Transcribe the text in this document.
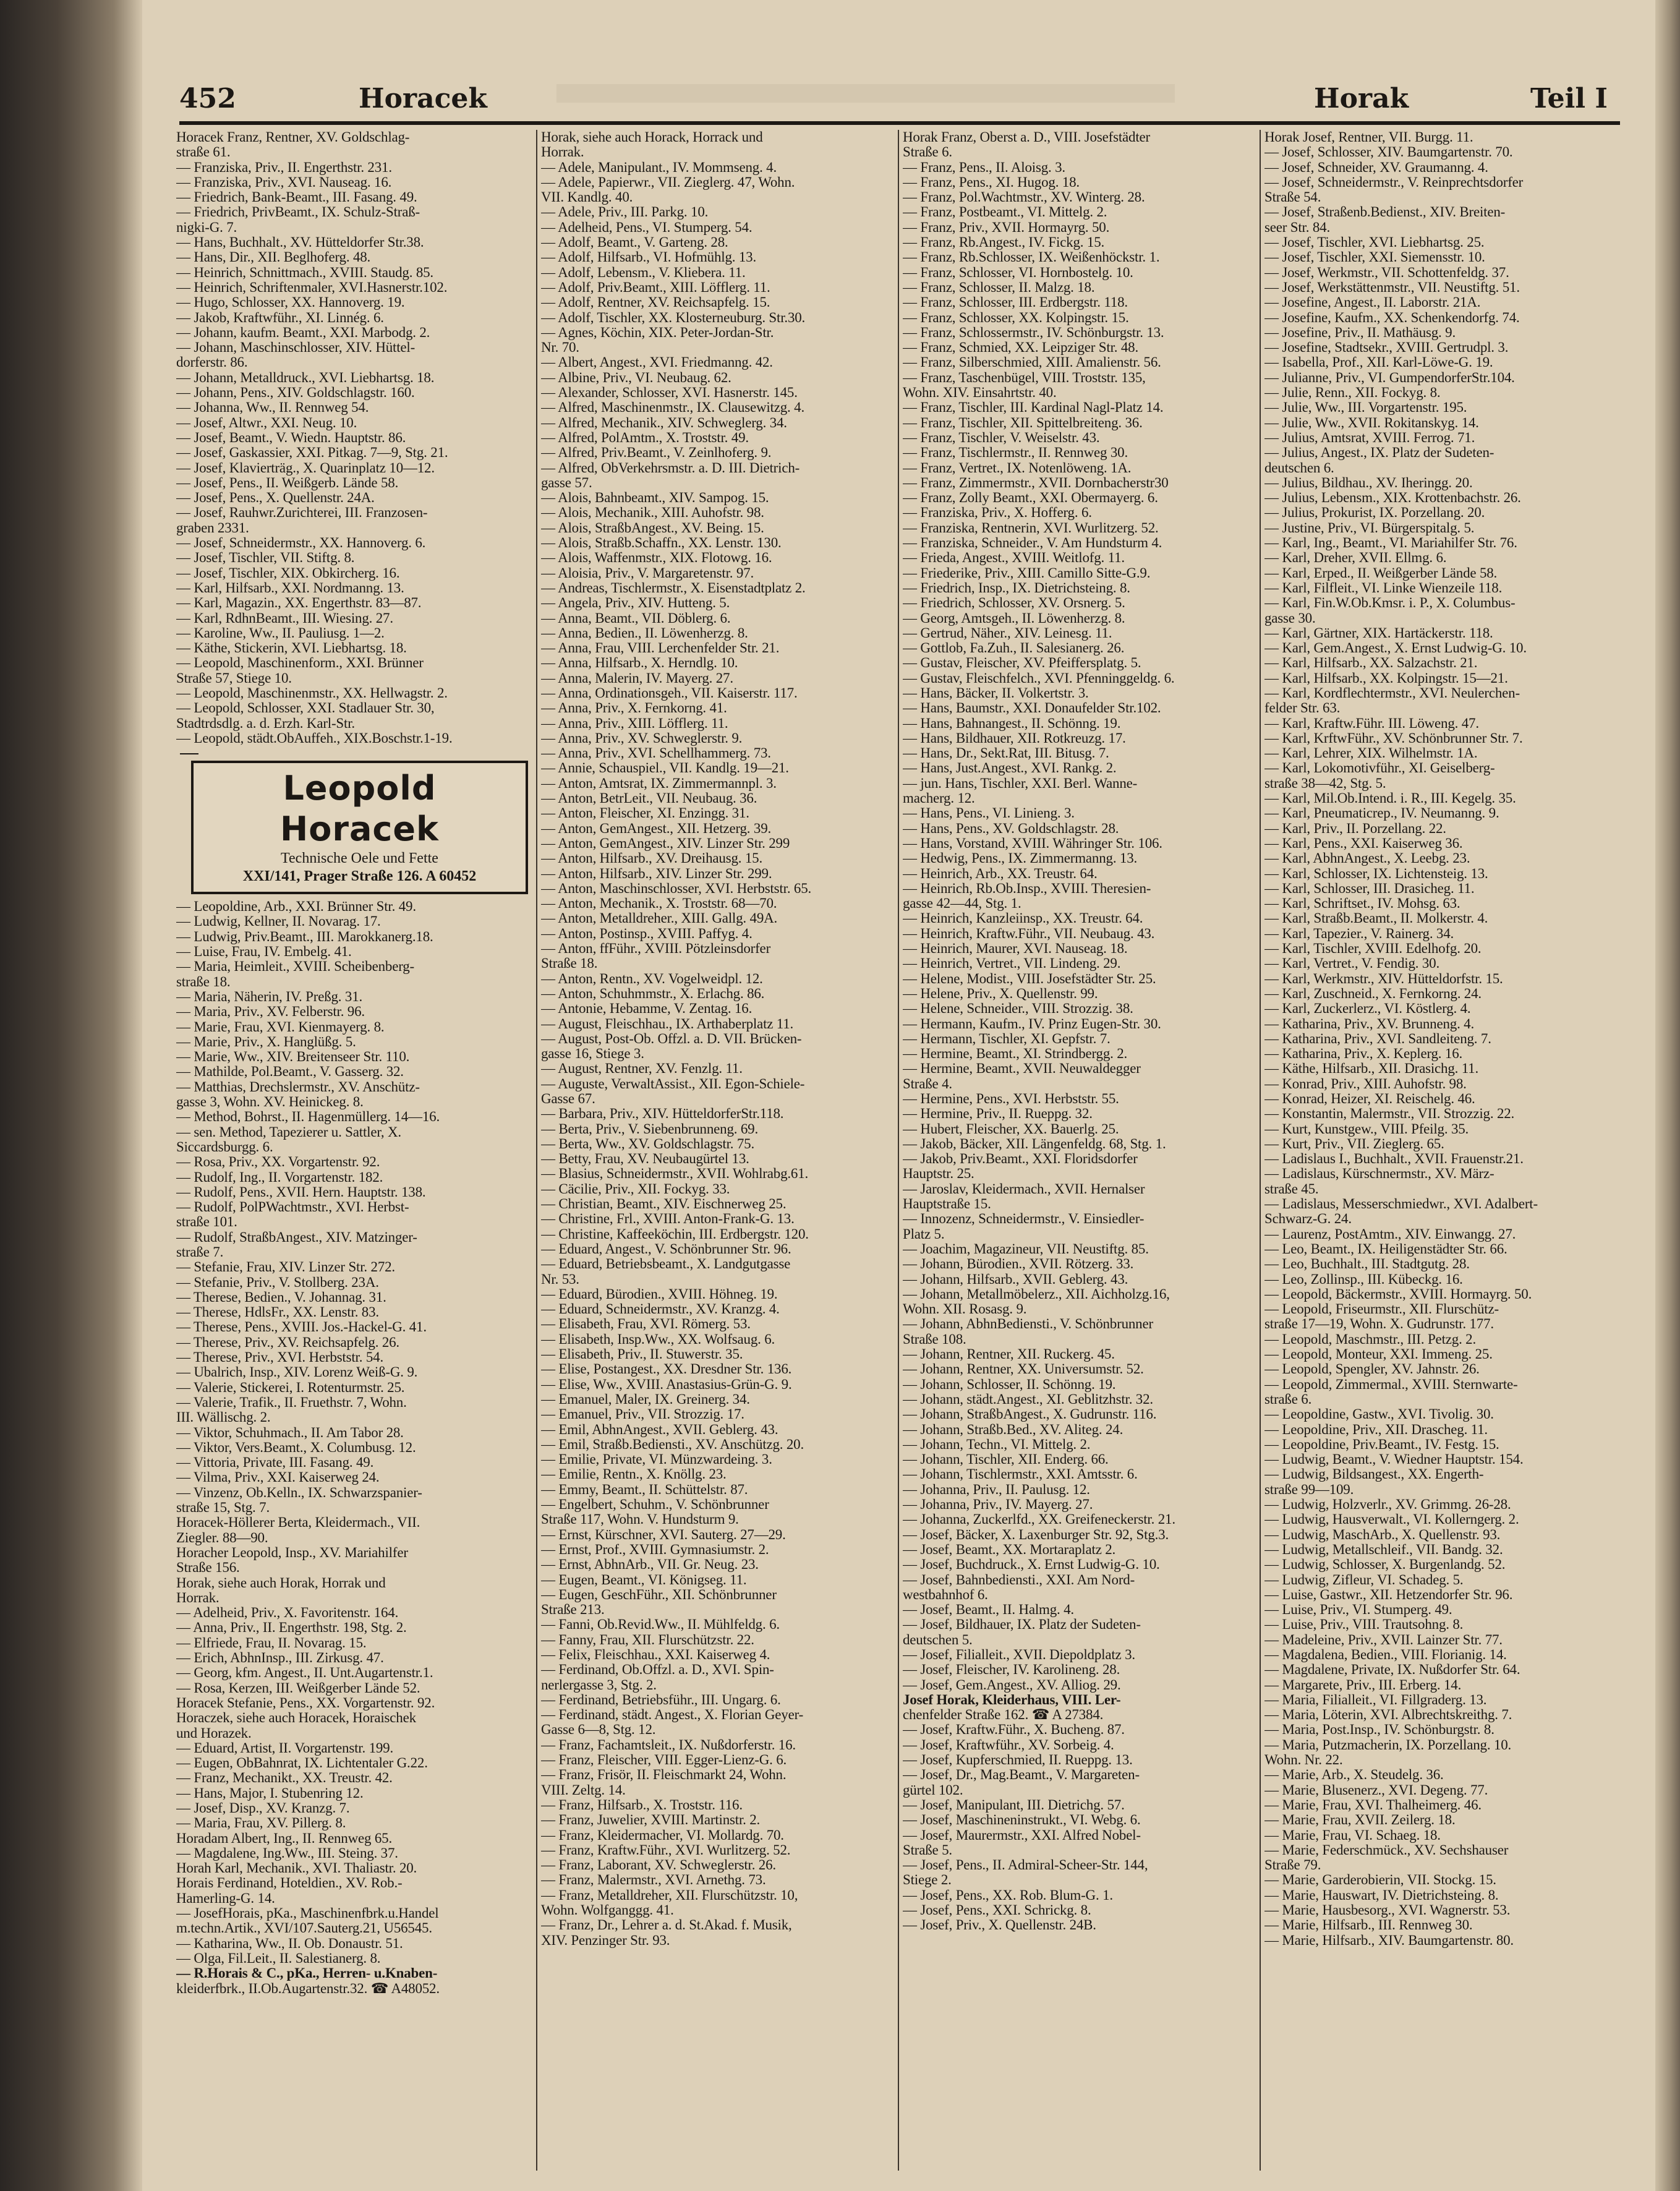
452	Horacek	Horak	Teil I
Horacek Franz, Rentner, XV. Goldschlag-
straße 61.
— Franziska, Priv., II. Engerthstr. 231.
— Franziska, Priv., XVI. Nauseag. 16.
— Friedrich, Bank-Beamt., III. Fasang. 49.
— Friedrich, PrivBeamt., IX. Schulz-Straß-
nigki-G. 7.
— Hans, Buchhalt., XV. Hütteldorfer Str.38.
— Hans, Dir., XII. Beglhoferg. 48.
— Heinrich, Schnittmach., XVIII. Staudg. 85.
— Heinrich, Schriftenmaler, XVI.Hasnerstr.102.
— Hugo, Schlosser, XX. Hannoverg. 19.
— Jakob, Kraftwführ., XI. Linnég. 6.
— Johann, kaufm. Beamt., XXI. Marbodg. 2.
— Johann, Maschinschlosser, XIV. Hüttel-
dorferstr. 86.
— Johann, Metalldruck., XVI. Liebhartsg. 18.
— Johann, Pens., XIV. Goldschlagstr. 160.
— Johanna, Ww., II. Rennweg 54.
— Josef, Altwr., XXI. Neug. 10.
— Josef, Beamt., V. Wiedn. Hauptstr. 86.
— Josef, Gaskassier, XXI. Pitkag. 7—9, Stg. 21.
— Josef, Klavierträg., X. Quarinplatz 10—12.
— Josef, Pens., II. Weißgerb. Lände 58.
— Josef, Pens., X. Quellenstr. 24A.
— Josef, Rauhwr.Zurichterei, III. Franzosen-
graben 2331.
— Josef, Schneidermstr., XX. Hannoverg. 6.
— Josef, Tischler, VII. Stiftg. 8.
— Josef, Tischler, XIX. Obkircherg. 16.
— Karl, Hilfsarb., XXI. Nordmanng. 13.
— Karl, Magazin., XX. Engerthstr. 83—87.
— Karl, RdhnBeamt., III. Wiesing. 27.
— Karoline, Ww., II. Pauliusg. 1—2.
— Käthe, Stickerin, XVI. Liebhartsg. 18.
— Leopold, Maschinenform., XXI. Brünner
Straße 57, Stiege 10.
— Leopold, Maschinenmstr., XX. Hellwagstr. 2.
— Leopold, Schlosser, XXI. Stadlauer Str. 30,
Stadtrdsdlg. a. d. Erzh. Karl-Str.
— Leopold, städt.ObAuffeh., XIX.Boschstr.1-19.
Leopold Horacek
Technische Oele und Fette
XXI/141, Prager Straße 126. A 60452
— Leopoldine, Arb., XXI. Brünner Str. 49.
— Ludwig, Kellner, II. Novarag. 17.
— Ludwig, Priv.Beamt., III. Marokkanerg.18.
— Luise, Frau, IV. Embelg. 41.
— Maria, Heimleit., XVIII. Scheibenberg-
straße 18.
— Maria, Näherin, IV. Preßg. 31.
— Maria, Priv., XV. Felberstr. 96.
— Marie, Frau, XVI. Kienmayerg. 8.
— Marie, Priv., X. Hanglüßg. 5.
— Marie, Ww., XIV. Breitenseer Str. 110.
— Mathilde, Pol.Beamt., V. Gasserg. 32.
— Matthias, Drechslermstr., XV. Anschütz-
gasse 3, Wohn. XV. Heinickeg. 8.
— Method, Bohrst., II. Hagenmüllerg. 14—16.
— sen. Method, Tapezierer u. Sattler, X.
Siccardsburgg. 6.
— Rosa, Priv., XX. Vorgartenstr. 92.
— Rudolf, Ing., II. Vorgartenstr. 182.
— Rudolf, Pens., XVII. Hern. Hauptstr. 138.
— Rudolf, PolPWachtmstr., XVI. Herbst-
straße 101.
— Rudolf, StraßbAngest., XIV. Matzinger-
straße 7.
— Stefanie, Frau, XIV. Linzer Str. 272.
— Stefanie, Priv., V. Stollberg. 23A.
— Therese, Bedien., V. Johannag. 31.
— Therese, HdlsFr., XX. Lenstr. 83.
— Therese, Pens., XVIII. Jos.-Hackel-G. 41.
— Therese, Priv., XV. Reichsapfelg. 26.
— Therese, Priv., XVI. Herbststr. 54.
— Ubalrich, Insp., XIV. Lorenz Weiß-G. 9.
— Valerie, Stickerei, I. Rotenturmstr. 25.
— Valerie, Trafik., II. Fruethstr. 7, Wohn.
III. Wällischg. 2.
— Viktor, Schuhmach., II. Am Tabor 28.
— Viktor, Vers.Beamt., X. Columbusg. 12.
— Vittoria, Private, III. Fasang. 49.
— Vilma, Priv., XXI. Kaiserweg 24.
— Vinzenz, Ob.Kelln., IX. Schwarzspanier-
straße 15, Stg. 7.
Horacek-Höllerer Berta, Kleidermach., VII.
Ziegler. 88—90.
Horacher Leopold, Insp., XV. Mariahilfer
Straße 156.
Horak, siehe auch Horak, Horrak und
Horrak.
— Adelheid, Priv., X. Favoritenstr. 164.
— Anna, Priv., II. Engerthstr. 198, Stg. 2.
— Elfriede, Frau, II. Novarag. 15.
— Erich, AbhnInsp., III. Zirkusg. 47.
— Georg, kfm. Angest., II. Unt.Augartenstr.1.
— Rosa, Kerzen, III. Weißgerber Lände 52.
Horacek Stefanie, Pens., XX. Vorgartenstr. 92.
Horaczek, siehe auch Horacek, Horaischek
und Horazek.
— Eduard, Artist, II. Vorgartenstr. 199.
— Eugen, ObBahnrat, IX. Lichtentaler G.22.
— Franz, Mechanikt., XX. Treustr. 42.
— Hans, Major, I. Stubenring 12.
— Josef, Disp., XV. Kranzg. 7.
— Maria, Frau, XV. Pillerg. 8.
Horadam Albert, Ing., II. Rennweg 65.
— Magdalene, Ing.Ww., III. Steing. 37.
Horah Karl, Mechanik., XVI. Thaliastr. 20.
Horais Ferdinand, Hoteldien., XV. Rob.-
Hamerling-G. 14.
— JosefHorais, pKa., Maschinenfbrk.u.Handel
m.techn.Artik., XVI/107.Sauterg.21, U56545.
— Katharina, Ww., II. Ob. Donaustr. 51.
— Olga, Fil.Leit., II. Salestianerg. 8.
— R.Horais & C., pKa., Herren- u.Knaben-
kleiderfbrk., II.Ob.Augartenstr.32. ☎ A48052.
Horak, siehe auch Horack, Horrack und
Horrak.
— Adele, Manipulant., IV. Mommseng. 4.
— Adele, Papierwr., VII. Zieglerg. 47, Wohn.
VII. Kandlg. 40.
— Adele, Priv., III. Parkg. 10.
— Adelheid, Pens., VI. Stumperg. 54.
— Adolf, Beamt., V. Garteng. 28.
— Adolf, Hilfsarb., VI. Hofmühlg. 13.
— Adolf, Lebensm., V. Kliebera. 11.
— Adolf, Priv.Beamt., XIII. Löfflerg. 11.
— Adolf, Rentner, XV. Reichsapfelg. 15.
— Adolf, Tischler, XX. Klosterneuburg. Str.30.
— Agnes, Köchin, XIX. Peter-Jordan-Str.
Nr. 70.
— Albert, Angest., XVI. Friedmanng. 42.
— Albine, Priv., VI. Neubaug. 62.
— Alexander, Schlosser, XVI. Hasnerstr. 145.
— Alfred, Maschinenmstr., IX. Clausewitzg. 4.
— Alfred, Mechanik., XIV. Schweglerg. 34.
— Alfred, PolAmtm., X. Troststr. 49.
— Alfred, Priv.Beamt., V. Zeinlhoferg. 9.
— Alfred, ObVerkehrsmstr. a. D. III. Dietrich-
gasse 57.
— Alois, Bahnbeamt., XIV. Sampog. 15.
— Alois, Mechanik., XIII. Auhofstr. 98.
— Alois, StraßbAngest., XV. Being. 15.
— Alois, Straßb.Schaffn., XX. Lenstr. 130.
— Alois, Waffenmstr., XIX. Flotowg. 16.
— Aloisia, Priv., V. Margaretenstr. 97.
— Andreas, Tischlermstr., X. Eisenstadtplatz 2.
— Angela, Priv., XIV. Hutteng. 5.
— Anna, Beamt., VII. Döblerg. 6.
— Anna, Bedien., II. Löwenherzg. 8.
— Anna, Frau, VIII. Lerchenfelder Str. 21.
— Anna, Hilfsarb., X. Herndlg. 10.
— Anna, Malerin, IV. Mayerg. 27.
— Anna, Ordinationsgeh., VII. Kaiserstr. 117.
— Anna, Priv., X. Fernkorng. 41.
— Anna, Priv., XIII. Löfflerg. 11.
— Anna, Priv., XV. Schweglerstr. 9.
— Anna, Priv., XVI. Schellhammerg. 73.
— Annie, Schauspiel., VII. Kandlg. 19—21.
— Anton, Amtsrat, IX. Zimmermannpl. 3.
— Anton, BetrLeit., VII. Neubaug. 36.
— Anton, Fleischer, XI. Enzingg. 31.
— Anton, GemAngest., XII. Hetzerg. 39.
— Anton, GemAngest., XIV. Linzer Str. 299
— Anton, Hilfsarb., XV. Dreihausg. 15.
— Anton, Hilfsarb., XIV. Linzer Str. 299.
— Anton, Maschinschlosser, XVI. Herbststr. 65.
— Anton, Mechanik., X. Troststr. 68—70.
— Anton, Metalldreher., XIII. Gallg. 49A.
— Anton, Postinsp., XVIII. Paffyg. 4.
— Anton, ffFühr., XVIII. Pötzleinsdorfer
Straße 18.
— Anton, Rentn., XV. Vogelweidpl. 12.
— Anton, Schuhmmstr., X. Erlachg. 86.
— Antonie, Hebamme, V. Zentag. 16.
— August, Fleischhau., IX. Arthaberplatz 11.
— August, Post-Ob. Offzl. a. D. VII. Brücken-
gasse 16, Stiege 3.
— August, Rentner, XV. Fenzlg. 11.
— Auguste, VerwaltAssist., XII. Egon-Schiele-
Gasse 67.
— Barbara, Priv., XIV. HütteldorferStr.118.
— Berta, Priv., V. Siebenbrunneng. 69.
— Berta, Ww., XV. Goldschlagstr. 75.
— Betty, Frau, XV. Neubaugürtel 13.
— Blasius, Schneidermstr., XVII. Wohlrabg.61.
— Cäcilie, Priv., XII. Fockyg. 33.
— Christian, Beamt., XIV. Eischnerweg 25.
— Christine, Frl., XVIII. Anton-Frank-G. 13.
— Christine, Kaffeeköchin, III. Erdbergstr. 120.
— Eduard, Angest., V. Schönbrunner Str. 96.
— Eduard, Betriebsbeamt., X. Landgutgasse
Nr. 53.
— Eduard, Bürodien., XVIII. Höhneg. 19.
— Eduard, Schneidermstr., XV. Kranzg. 4.
— Elisabeth, Frau, XVI. Römerg. 53.
— Elisabeth, Insp.Ww., XX. Wolfsaug. 6.
— Elisabeth, Priv., II. Stuwerstr. 35.
— Elise, Postangest., XX. Dresdner Str. 136.
— Elise, Ww., XVIII. Anastasius-Grün-G. 9.
— Emanuel, Maler, IX. Greinerg. 34.
— Emanuel, Priv., VII. Strozzig. 17.
— Emil, AbhnAngest., XVII. Geblerg. 43.
— Emil, Straßb.Bediensti., XV. Anschützg. 20.
— Emilie, Private, VI. Münzwardeing. 3.
— Emilie, Rentn., X. Knöllg. 23.
— Emmy, Beamt., II. Schüttelstr. 87.
— Engelbert, Schuhm., V. Schönbrunner
Straße 117, Wohn. V. Hundsturm 9.
— Ernst, Kürschner, XVI. Sauterg. 27—29.
— Ernst, Prof., XVIII. Gymnasiumstr. 2.
— Ernst, AbhnArb., VII. Gr. Neug. 23.
— Eugen, Beamt., VI. Königseg. 11.
— Eugen, GeschFühr., XII. Schönbrunner
Straße 213.
— Fanni, Ob.Revid.Ww., II. Mühlfeldg. 6.
— Fanny, Frau, XII. Flurschützstr. 22.
— Felix, Fleischhau., XXI. Kaiserweg 4.
— Ferdinand, Ob.Offzl. a. D., XVI. Spin-
nerlergasse 3, Stg. 2.
— Ferdinand, Betriebsführ., III. Ungarg. 6.
— Ferdinand, städt. Angest., X. Florian Geyer-
Gasse 6—8, Stg. 12.
— Franz, Fachamtsleit., IX. Nußdorferstr. 16.
— Franz, Fleischer, VIII. Egger-Lienz-G. 6.
— Franz, Frisör, II. Fleischmarkt 24, Wohn.
VIII. Zeltg. 14.
— Franz, Hilfsarb., X. Troststr. 116.
— Franz, Juwelier, XVIII. Martinstr. 2.
— Franz, Kleidermacher, VI. Mollardg. 70.
— Franz, Kraftw.Führ., XVI. Wurlitzerg. 52.
— Franz, Laborant, XV. Schweglerstr. 26.
— Franz, Malermstr., XVI. Arnethg. 73.
— Franz, Metalldreher, XII. Flurschützstr. 10,
Wohn. Wolfganggg. 41.
— Franz, Dr., Lehrer a. d. St.Akad. f. Musik,
XIV. Penzinger Str. 93.
Horak Franz, Oberst a. D., VIII. Josefstädter
Straße 6.
— Franz, Pens., II. Aloisg. 3.
— Franz, Pens., XI. Hugog. 18.
— Franz, Pol.Wachtmstr., XV. Winterg. 28.
— Franz, Postbeamt., VI. Mittelg. 2.
— Franz, Priv., XVII. Hormayrg. 50.
— Franz, Rb.Angest., IV. Fickg. 15.
— Franz, Rb.Schlosser, IX. Weißenhöckstr. 1.
— Franz, Schlosser, VI. Hornbostelg. 10.
— Franz, Schlosser, II. Malzg. 18.
— Franz, Schlosser, III. Erdbergstr. 118.
— Franz, Schlosser, XX. Kolpingstr. 15.
— Franz, Schlossermstr., IV. Schönburgstr. 13.
— Franz, Schmied, XX. Leipziger Str. 48.
— Franz, Silberschmied, XIII. Amalienstr. 56.
— Franz, Taschenbügel, VIII. Troststr. 135,
Wohn. XIV. Einsahrtstr. 40.
— Franz, Tischler, III. Kardinal Nagl-Platz 14.
— Franz, Tischler, XII. Spittelbreiteng. 36.
— Franz, Tischler, V. Weiselstr. 43.
— Franz, Tischlermstr., II. Rennweg 30.
— Franz, Vertret., IX. Notenlöweng. 1A.
— Franz, Zimmermstr., XVII. Dornbacherstr30
— Franz, Zolly Beamt., XXI. Obermayerg. 6.
— Franziska, Priv., X. Hofferg. 6.
— Franziska, Rentnerin, XVI. Wurlitzerg. 52.
— Franziska, Schneider., V. Am Hundsturm 4.
— Frieda, Angest., XVIII. Weitlofg. 11.
— Friederike, Priv., XIII. Camillo Sitte-G.9.
— Friedrich, Insp., IX. Dietrichsteing. 8.
— Friedrich, Schlosser, XV. Orsnerg. 5.
— Georg, Amtsgeh., II. Löwenherzg. 8.
— Gertrud, Näher., XIV. Leinesg. 11.
— Gottlob, Fa.Zuh., II. Salesianerg. 26.
— Gustav, Fleischer, XV. Pfeiffersplatg. 5.
— Gustav, Fleischfelch., XVI. Pfenninggeldg. 6.
— Hans, Bäcker, II. Volkertstr. 3.
— Hans, Baumstr., XXI. Donaufelder Str.102.
— Hans, Bahnangest., II. Schönng. 19.
— Hans, Bildhauer, XII. Rotkreuzg. 17.
— Hans, Dr., Sekt.Rat, III. Bitusg. 7.
— Hans, Just.Angest., XVI. Rankg. 2.
— jun. Hans, Tischler, XXI. Berl. Wanne-
macherg. 12.
— Hans, Pens., VI. Linieng. 3.
— Hans, Pens., XV. Goldschlagstr. 28.
— Hans, Vorstand, XVIII. Währinger Str. 106.
— Hedwig, Pens., IX. Zimmermanng. 13.
— Heinrich, Arb., XX. Treustr. 64.
— Heinrich, Rb.Ob.Insp., XVIII. Theresien-
gasse 42—44, Stg. 1.
— Heinrich, Kanzleiinsp., XX. Treustr. 64.
— Heinrich, Kraftw.Führ., VII. Neubaug. 43.
— Heinrich, Maurer, XVI. Nauseag. 18.
— Heinrich, Vertret., VII. Lindeng. 29.
— Helene, Modist., VIII. Josefstädter Str. 25.
— Helene, Priv., X. Quellenstr. 99.
— Helene, Schneider., VIII. Strozzig. 38.
— Hermann, Kaufm., IV. Prinz Eugen-Str. 30.
— Hermann, Tischler, XI. Gepfstr. 7.
— Hermine, Beamt., XI. Strindbergg. 2.
— Hermine, Beamt., XVII. Neuwaldegger
Straße 4.
— Hermine, Pens., XVI. Herbststr. 55.
— Hermine, Priv., II. Rueppg. 32.
— Hubert, Fleischer, XX. Bauerlg. 25.
— Jakob, Bäcker, XII. Längenfeldg. 68, Stg. 1.
— Jakob, Priv.Beamt., XXI. Floridsdorfer
Hauptstr. 25.
— Jaroslav, Kleidermach., XVII. Hernalser
Hauptstraße 15.
— Innozenz, Schneidermstr., V. Einsiedler-
Platz 5.
— Joachim, Magazineur, VII. Neustiftg. 85.
— Johann, Bürodien., XVII. Rötzerg. 33.
— Johann, Hilfsarb., XVII. Geblerg. 43.
— Johann, Metallmöbelerz., XII. Aichholzg.16,
Wohn. XII. Rosasg. 9.
— Johann, AbhnBediensti., V. Schönbrunner
Straße 108.
— Johann, Rentner, XII. Ruckerg. 45.
— Johann, Rentner, XX. Universumstr. 52.
— Johann, Schlosser, II. Schönng. 19.
— Johann, städt.Angest., XI. Geblitzhstr. 32.
— Johann, StraßbAngest., X. Gudrunstr. 116.
— Johann, Straßb.Bed., XV. Aliteg. 24.
— Johann, Techn., VI. Mittelg. 2.
— Johann, Tischler, XII. Enderg. 66.
— Johann, Tischlermstr., XXI. Amtsstr. 6.
— Johanna, Priv., II. Paulusg. 12.
— Johanna, Priv., IV. Mayerg. 27.
— Johanna, Zuckerlfd., XX. Greifeneckerstr. 21.
— Josef, Bäcker, X. Laxenburger Str. 92, Stg.3.
— Josef, Beamt., XX. Mortaraplatz 2.
— Josef, Buchdruck., X. Ernst Ludwig-G. 10.
— Josef, Bahnbediensti., XXI. Am Nord-
westbahnhof 6.
— Josef, Beamt., II. Halmg. 4.
— Josef, Bildhauer, IX. Platz der Sudeten-
deutschen 5.
— Josef, Filialleit., XVII. Diepoldplatz 3.
— Josef, Fleischer, IV. Karolineng. 28.
— Josef, Gem.Angest., XV. Alliog. 29.
Josef Horak, Kleiderhaus, VIII. Ler-
chenfelder Straße 162. ☎ A 27384.
— Josef, Kraftw.Führ., X. Bucheng. 87.
— Josef, Kraftwführ., XV. Sorbeig. 4.
— Josef, Kupferschmied, II. Rueppg. 13.
— Josef, Dr., Mag.Beamt., V. Margareten-
gürtel 102.
— Josef, Manipulant, III. Dietrichg. 57.
— Josef, Maschineninstrukt., VI. Webg. 6.
— Josef, Maurermstr., XXI. Alfred Nobel-
Straße 5.
— Josef, Pens., II. Admiral-Scheer-Str. 144,
Stiege 2.
— Josef, Pens., XX. Rob. Blum-G. 1.
— Josef, Pens., XXI. Schrickg. 8.
— Josef, Priv., X. Quellenstr. 24B.
Horak Josef, Rentner, VII. Burgg. 11.
— Josef, Schlosser, XIV. Baumgartenstr. 70.
— Josef, Schneider, XV. Graumanng. 4.
— Josef, Schneidermstr., V. Reinprechtsdorfer
Straße 54.
— Josef, Straßenb.Bedienst., XIV. Breiten-
seer Str. 84.
— Josef, Tischler, XVI. Liebhartsg. 25.
— Josef, Tischler, XXI. Siemensstr. 10.
— Josef, Werkmstr., VII. Schottenfeldg. 37.
— Josef, Werkstättenmstr., VII. Neustiftg. 51.
— Josefine, Angest., II. Laborstr. 21A.
— Josefine, Kaufm., XX. Schenkendorfg. 74.
— Josefine, Priv., II. Mathäusg. 9.
— Josefine, Stadtsekr., XVIII. Gertrudpl. 3.
— Isabella, Prof., XII. Karl-Löwe-G. 19.
— Julianne, Priv., VI. GumpendorferStr.104.
— Julie, Renn., XII. Fockyg. 8.
— Julie, Ww., III. Vorgartenstr. 195.
— Julie, Ww., XVII. Rokitanskyg. 14.
— Julius, Amtsrat, XVIII. Ferrog. 71.
— Julius, Angest., IX. Platz der Sudeten-
deutschen 6.
— Julius, Bildhau., XV. Iheringg. 20.
— Julius, Lebensm., XIX. Krottenbachstr. 26.
— Julius, Prokurist, IX. Porzellang. 20.
— Justine, Priv., VI. Bürgerspitalg. 5.
— Karl, Ing., Beamt., VI. Mariahilfer Str. 76.
— Karl, Dreher, XVII. Ellmg. 6.
— Karl, Erped., II. Weißgerber Lände 58.
— Karl, Filfleit., VI. Linke Wienzeile 118.
— Karl, Fin.W.Ob.Kmsr. i. P., X. Columbus-
gasse 30.
— Karl, Gärtner, XIX. Hartäckerstr. 118.
— Karl, Gem.Angest., X. Ernst Ludwig-G. 10.
— Karl, Hilfsarb., XX. Salzachstr. 21.
— Karl, Hilfsarb., XX. Kolpingstr. 15—21.
— Karl, Kordflechtermstr., XVI. Neulerchen-
felder Str. 63.
— Karl, Kraftw.Führ. III. Löweng. 47.
— Karl, KrftwFühr., XV. Schönbrunner Str. 7.
— Karl, Lehrer, XIX. Wilhelmstr. 1A.
— Karl, Lokomotivführ., XI. Geiselberg-
straße 38—42, Stg. 5.
— Karl, Mil.Ob.Intend. i. R., III. Kegelg. 35.
— Karl, Pneumaticrep., IV. Neumanng. 9.
— Karl, Priv., II. Porzellang. 22.
— Karl, Pens., XXI. Kaiserweg 36.
— Karl, AbhnAngest., X. Leebg. 23.
— Karl, Schlosser, IX. Lichtensteig. 13.
— Karl, Schlosser, III. Drasicheg. 11.
— Karl, Schriftset., IV. Mohsg. 63.
— Karl, Straßb.Beamt., II. Molkerstr. 4.
— Karl, Tapezier., V. Rainerg. 34.
— Karl, Tischler, XVIII. Edelhofg. 20.
— Karl, Vertret., V. Fendig. 30.
— Karl, Werkmstr., XIV. Hütteldorfstr. 15.
— Karl, Zuschneid., X. Fernkorng. 24.
— Karl, Zuckerlerz., VI. Köstlerg. 4.
— Katharina, Priv., XV. Brunneng. 4.
— Katharina, Priv., XVI. Sandleiteng. 7.
— Katharina, Priv., X. Keplerg. 16.
— Käthe, Hilfsarb., XII. Drasichg. 11.
— Konrad, Priv., XIII. Auhofstr. 98.
— Konrad, Heizer, XI. Reischelg. 46.
— Konstantin, Malermstr., VII. Strozzig. 22.
— Kurt, Kunstgew., VIII. Pfeilg. 35.
— Kurt, Priv., VII. Zieglerg. 65.
— Ladislaus I., Buchhalt., XVII. Frauenstr.21.
— Ladislaus, Kürschnermstr., XV. März-
straße 45.
— Ladislaus, Messerschmiedwr., XVI. Adalbert-
Schwarz-G. 24.
— Laurenz, PostAmtm., XIV. Einwangg. 27.
— Leo, Beamt., IX. Heiligenstädter Str. 66.
— Leo, Buchhalt., III. Stadtgutg. 28.
— Leo, Zollinsp., III. Kübeckg. 16.
— Leopold, Bäckermstr., XVIII. Hormayrg. 50.
— Leopold, Friseurmstr., XII. Flurschütz-
straße 17—19, Wohn. X. Gudrunstr. 177.
— Leopold, Maschmstr., III. Petzg. 2.
— Leopold, Monteur, XXI. Immeng. 25.
— Leopold, Spengler, XV. Jahnstr. 26.
— Leopold, Zimmermal., XVIII. Sternwarte-
straße 6.
— Leopoldine, Gastw., XVI. Tivolig. 30.
— Leopoldine, Priv., XII. Drascheg. 11.
— Leopoldine, Priv.Beamt., IV. Festg. 15.
— Ludwig, Beamt., V. Wiedner Hauptstr. 154.
— Ludwig, Bildsangest., XX. Engerth-
straße 99—109.
— Ludwig, Holzverlr., XV. Grimmg. 26-28.
— Ludwig, Hausverwalt., VI. Kollerngerg. 2.
— Ludwig, MaschArb., X. Quellenstr. 93.
— Ludwig, Metallschleif., VII. Bandg. 32.
— Ludwig, Schlosser, X. Burgenlandg. 52.
— Ludwig, Zifleur, VI. Schadeg. 5.
— Luise, Gastwr., XII. Hetzendorfer Str. 96.
— Luise, Priv., VI. Stumperg. 49.
— Luise, Priv., VIII. Trautsohng. 8.
— Madeleine, Priv., XVII. Lainzer Str. 77.
— Magdalena, Bedien., VIII. Florianig. 14.
— Magdalene, Private, IX. Nußdorfer Str. 64.
— Margarete, Priv., III. Erberg. 14.
— Maria, Filialleit., VI. Fillgraderg. 13.
— Maria, Löterin, XVI. Albrechtskreithg. 7.
— Maria, Post.Insp., IV. Schönburgstr. 8.
— Maria, Putzmacherin, IX. Porzellang. 10.
Wohn. Nr. 22.
— Marie, Arb., X. Steudelg. 36.
— Marie, Blusenerz., XVI. Degeng. 77.
— Marie, Frau, XVI. Thalheimerg. 46.
— Marie, Frau, XVII. Zeilerg. 18.
— Marie, Frau, VI. Schaeg. 18.
— Marie, Federschmück., XV. Sechshauser
Straße 79.
— Marie, Garderobierin, VII. Stockg. 15.
— Marie, Hauswart, IV. Dietrichsteing. 8.
— Marie, Hausbesorg., XVI. Wagnerstr. 53.
— Marie, Hilfsarb., III. Rennweg 30.
— Marie, Hilfsarb., XIV. Baumgartenstr. 80.
